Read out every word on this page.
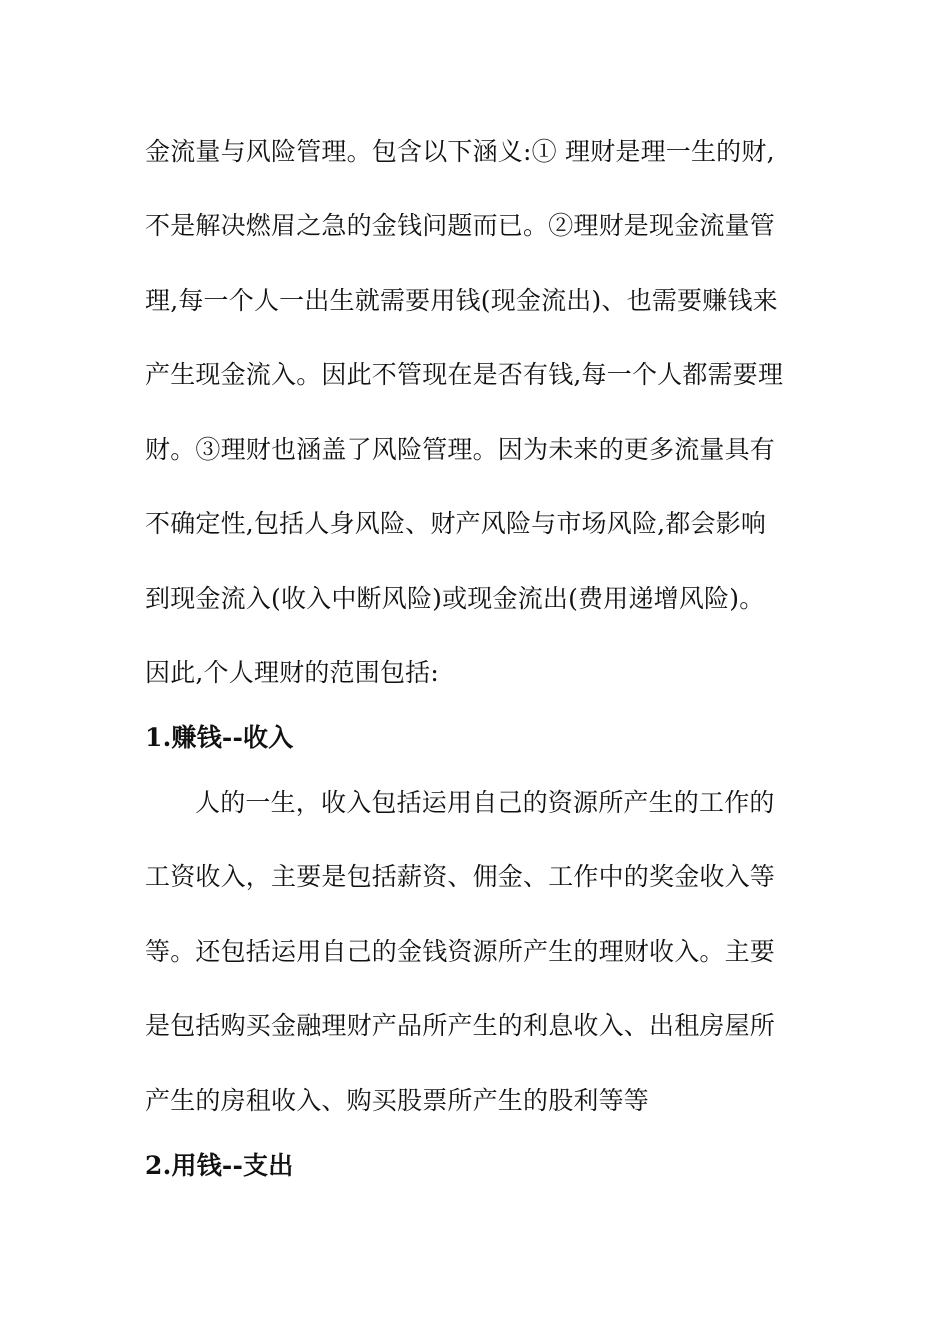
金流量与风险管理。包含以下涵义:① 理财是理一生的财,
不是解决燃眉之急的金钱问题而已。②理财是现金流量管
理,每一个人一出生就需要用钱(现金流出)、也需要赚钱来
产生现金流入。因此不管现在是否有钱,每一个人都需要理
财。③理财也涵盖了风险管理。因为未来的更多流量具有
不确定性,包括人身风险、财产风险与市场风险,都会影响
到现金流入(收入中断风险)或现金流出(费用递增风险)。
因此,个人理财的范围包括:
1.赚钱--收入
人的一生，收入包括运用自己的资源所产生的工作的
工资收入，主要是包括薪资、佣金、工作中的奖金收入等
等。还包括运用自己的金钱资源所产生的理财收入。主要
是包括购买金融理财产品所产生的利息收入、出租房屋所
产生的房租收入、购买股票所产生的股利等等
2.用钱--支出
